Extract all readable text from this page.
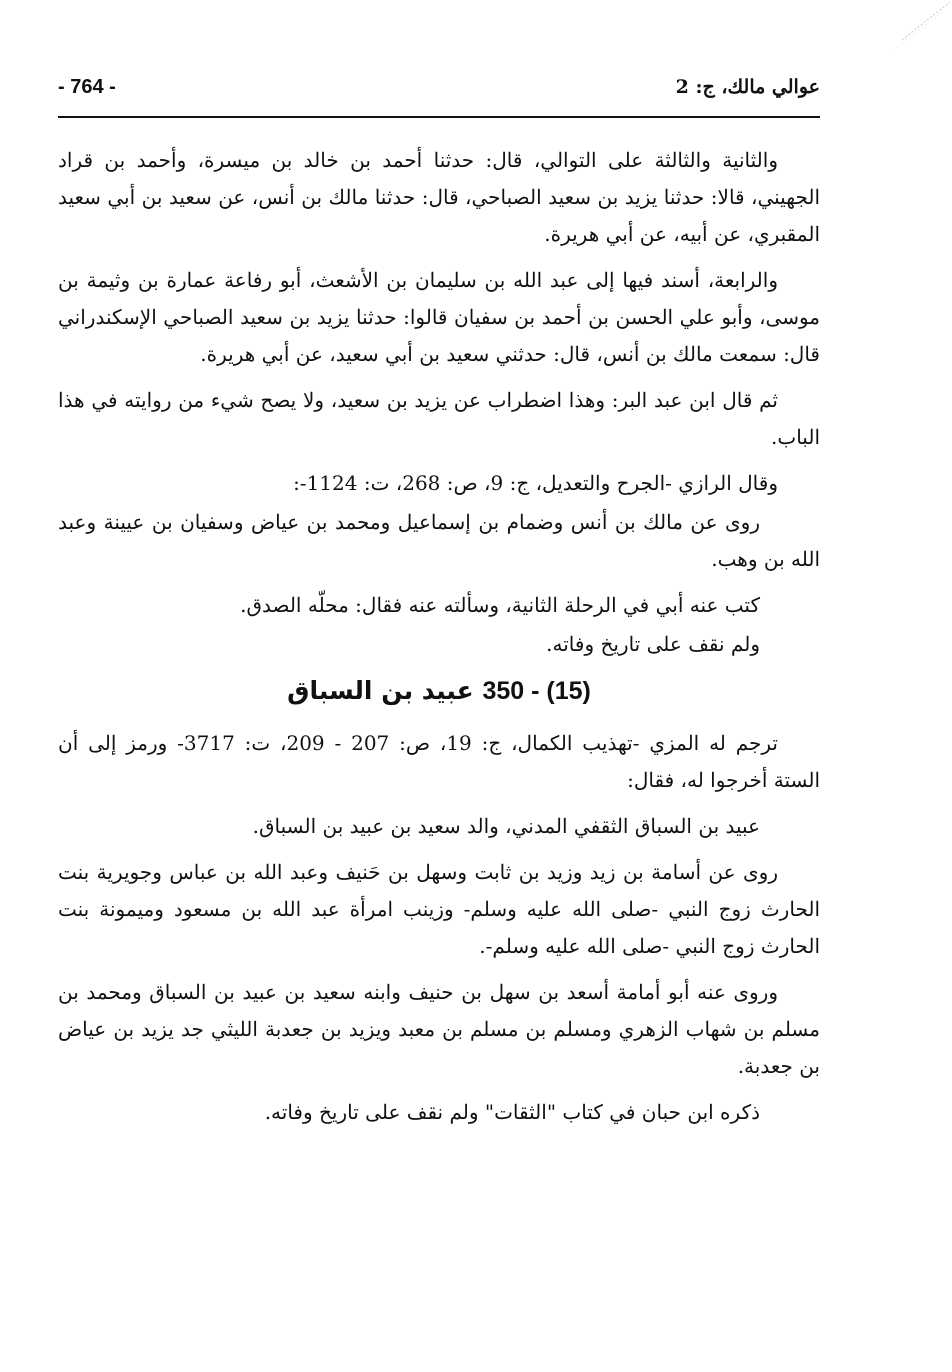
عوالي مالك، ج: 2
- 764 -

والثانية والثالثة على التوالي، قال: حدثنا أحمد بن خالد بن ميسرة، وأحمد بن قراد الجهيني، قالا: حدثنا يزيد بن سعيد الصباحي، قال: حدثنا مالك بن أنس، عن سعيد بن أبي سعيد المقبري، عن أبيه، عن أبي هريرة.

والرابعة، أسند فيها إلى عبد الله بن سليمان بن الأشعث، أبو رفاعة عمارة بن وثيمة بن موسى، وأبو علي الحسن بن أحمد بن سفيان قالوا: حدثنا يزيد بن سعيد الصباحي الإسكندراني قال: سمعت مالك بن أنس، قال: حدثني سعيد بن أبي سعيد، عن أبي هريرة.

ثم قال ابن عبد البر: وهذا اضطراب عن يزيد بن سعيد، ولا يصح شيء من روايته في هذا الباب.

وقال الرازي -الجرح والتعديل، ج: 9، ص: 268، ت: 1124-:

روى عن مالك بن أنس وضمام بن إسماعيل ومحمد بن عياض وسفيان بن عيينة وعبد الله بن وهب.

كتب عنه أبي في الرحلة الثانية، وسألته عنه فقال: محلّه الصدق.

ولم نقف على تاريخ وفاته.

350 - (15) عبيد بن السباق

ترجم له المزي -تهذيب الكمال، ج: 19، ص: 207 - 209، ت: 3717- ورمز إلى أن الستة أخرجوا له، فقال:

عبيد بن السباق الثقفي المدني، والد سعيد بن عبيد بن السباق.

روى عن أسامة بن زيد وزيد بن ثابت وسهل بن حَنيف وعبد الله بن عباس وجويرية بنت الحارث زوج النبي -صلى الله عليه وسلم- وزينب امرأة عبد الله بن مسعود وميمونة بنت الحارث زوج النبي -صلى الله عليه وسلم-.

وروى عنه أبو أمامة أسعد بن سهل بن حنيف وابنه سعيد بن عبيد بن السباق ومحمد بن مسلم بن شهاب الزهري ومسلم بن مسلم بن معبد ويزيد بن جعدبة الليثي جد يزيد بن عياض بن جعدبة.

ذكره ابن حبان في كتاب "الثقات" ولم نقف على تاريخ وفاته.
